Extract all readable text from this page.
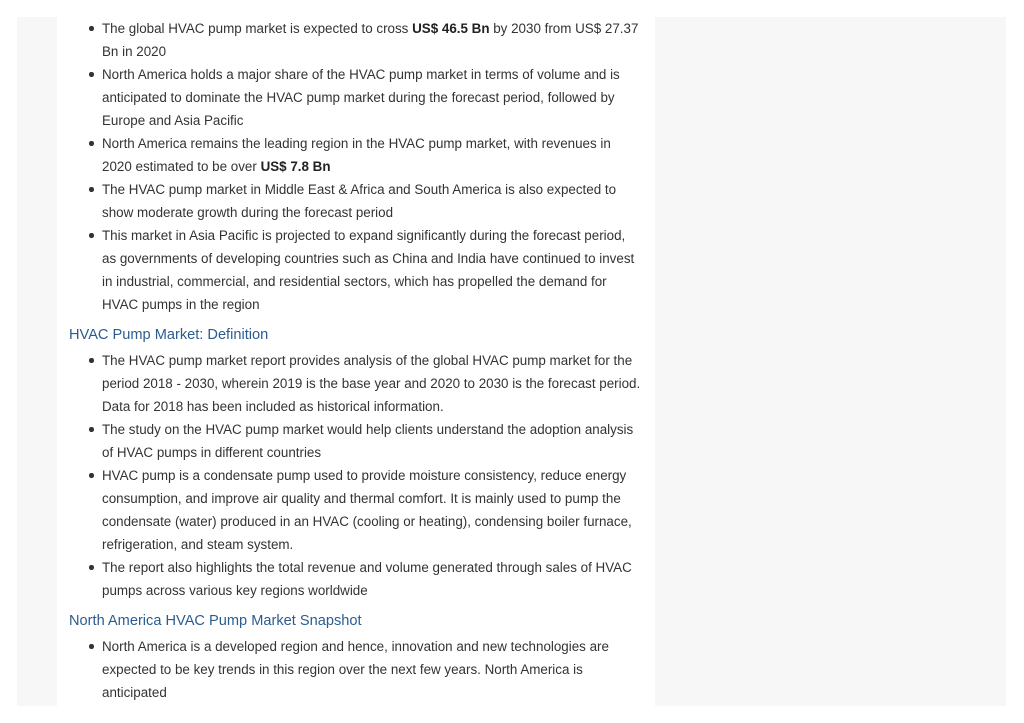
The global HVAC pump market is expected to cross US$ 46.5 Bn by 2030 from US$ 27.37 Bn in 2020
North America holds a major share of the HVAC pump market in terms of volume and is anticipated to dominate the HVAC pump market during the forecast period, followed by Europe and Asia Pacific
North America remains the leading region in the HVAC pump market, with revenues in 2020 estimated to be over US$ 7.8 Bn
The HVAC pump market in Middle East & Africa and South America is also expected to show moderate growth during the forecast period
This market in Asia Pacific is projected to expand significantly during the forecast period, as governments of developing countries such as China and India have continued to invest in industrial, commercial, and residential sectors, which has propelled the demand for HVAC pumps in the region
HVAC Pump Market: Definition
The HVAC pump market report provides analysis of the global HVAC pump market for the period 2018 - 2030, wherein 2019 is the base year and 2020 to 2030 is the forecast period. Data for 2018 has been included as historical information.
The study on the HVAC pump market would help clients understand the adoption analysis of HVAC pumps in different countries
HVAC pump is a condensate pump used to provide moisture consistency, reduce energy consumption, and improve air quality and thermal comfort. It is mainly used to pump the condensate (water) produced in an HVAC (cooling or heating), condensing boiler furnace, refrigeration, and steam system.
The report also highlights the total revenue and volume generated through sales of HVAC pumps across various key regions worldwide
North America HVAC Pump Market Snapshot
North America is a developed region and hence, innovation and new technologies are expected to be key trends in this region over the next few years. North America is anticipated
